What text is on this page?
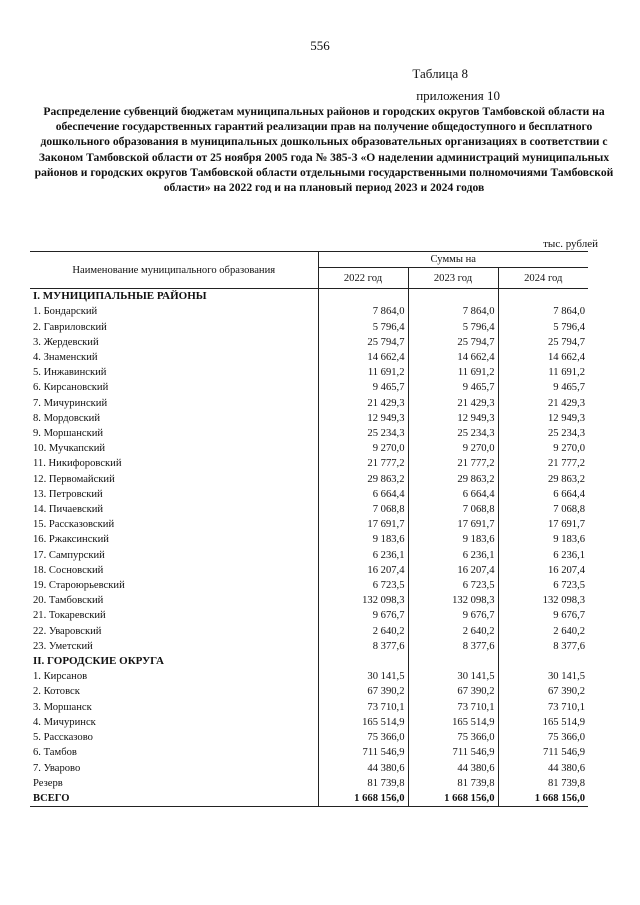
556
Таблица 8
приложения 10
Распределение субвенций бюджетам муниципальных районов и городских округов Тамбовской области на обеспечение государственных гарантий реализации прав на получение общедоступного и бесплатного дошкольного образования в муниципальных дошкольных образовательных организациях в соответствии с Законом Тамбовской области от 25 ноября 2005 года № 385-З «О наделении администраций муниципальных районов и городских округов Тамбовской области отдельными государственными полномочиями Тамбовской области» на 2022 год и на плановый период 2023 и 2024 годов
тыс. рублей
Наименование муниципального образования	Суммы на		
	2022 год	2023 год	2024 год
I. МУНИЦИПАЛЬНЫЕ РАЙОНЫ			
1. Бондарский	7 864,0	7 864,0	7 864,0
2. Гавриловский	5 796,4	5 796,4	5 796,4
3. Жердевский	25 794,7	25 794,7	25 794,7
4. Знаменский	14 662,4	14 662,4	14 662,4
5. Инжавинский	11 691,2	11 691,2	11 691,2
6. Кирсановский	9 465,7	9 465,7	9 465,7
7. Мичуринский	21 429,3	21 429,3	21 429,3
8. Мордовский	12 949,3	12 949,3	12 949,3
9. Моршанский	25 234,3	25 234,3	25 234,3
10. Мучкапский	9 270,0	9 270,0	9 270,0
11. Никифоровский	21 777,2	21 777,2	21 777,2
12. Первомайский	29 863,2	29 863,2	29 863,2
13. Петровский	6 664,4	6 664,4	6 664,4
14. Пичаевский	7 068,8	7 068,8	7 068,8
15. Рассказовский	17 691,7	17 691,7	17 691,7
16. Ржаксинский	9 183,6	9 183,6	9 183,6
17. Сампурский	6 236,1	6 236,1	6 236,1
18. Сосновский	16 207,4	16 207,4	16 207,4
19. Староюрьевский	6 723,5	6 723,5	6 723,5
20. Тамбовский	132 098,3	132 098,3	132 098,3
21. Токаревский	9 676,7	9 676,7	9 676,7
22. Уваровский	2 640,2	2 640,2	2 640,2
23. Уметский	8 377,6	8 377,6	8 377,6
II. ГОРОДСКИЕ ОКРУГА			
1. Кирсанов	30 141,5	30 141,5	30 141,5
2. Котовск	67 390,2	67 390,2	67 390,2
3. Моршанск	73 710,1	73 710,1	73 710,1
4. Мичуринск	165 514,9	165 514,9	165 514,9
5. Рассказово	75 366,0	75 366,0	75 366,0
6. Тамбов	711 546,9	711 546,9	711 546,9
7. Уварово	44 380,6	44 380,6	44 380,6
Резерв	81 739,8	81 739,8	81 739,8
ВСЕГО	1 668 156,0	1 668 156,0	1 668 156,0
